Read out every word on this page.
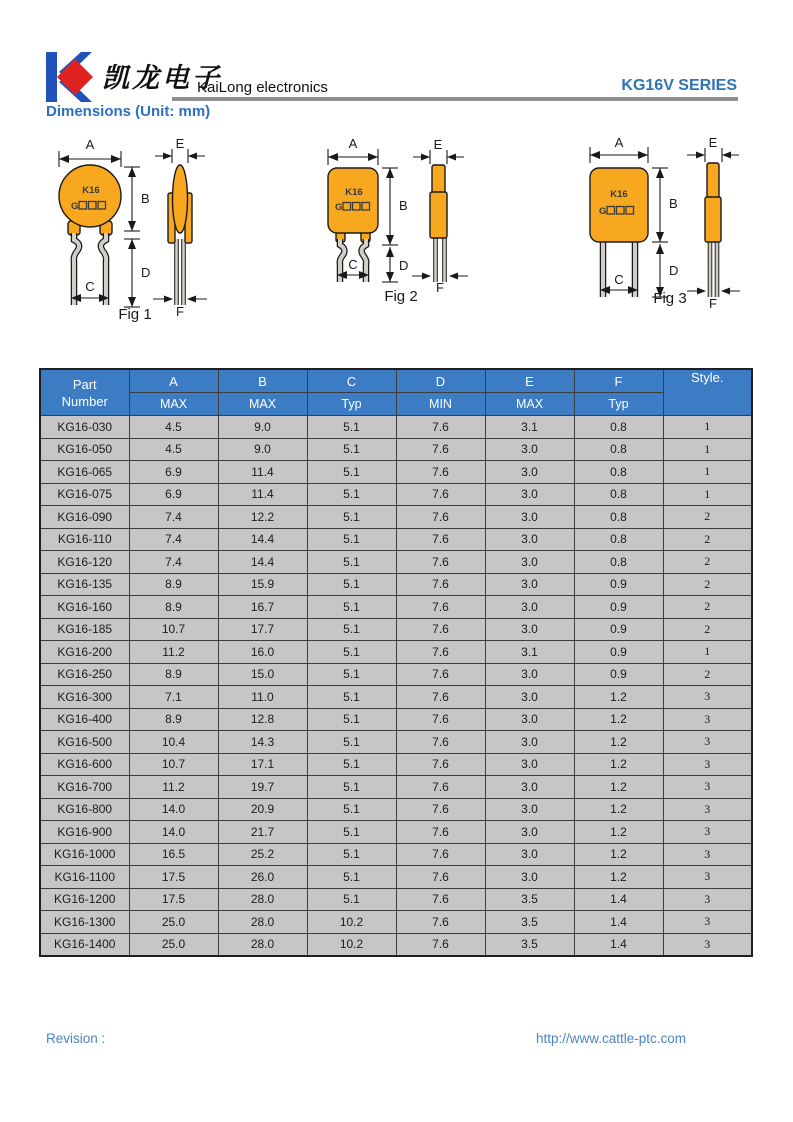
凯龙电子
KaiLong electronics	KG16V SERIES
Dimensions (Unit: mm)
A
K16
G
B
D
C
E
F
Fig 1
A
K16
G	B
D
C
E
F
Fig 2
A
K16
G
B
D
C
E
F
Fig 3
Part
Number	A	B	C	D	E	F	Style.
	MAX	MAX	Typ	MIN	MAX	Typ	
KG16-030	4.5	9.0	5.1	7.6	3.1	0.8	1
KG16-050	4.5	9.0	5.1	7.6	3.0	0.8	1
KG16-065	6.9	11.4	5.1	7.6	3.0	0.8	1
KG16-075	6.9	11.4	5.1	7.6	3.0	0.8	1
KG16-090	7.4	12.2	5.1	7.6	3.0	0.8	2
KG16-110	7.4	14.4	5.1	7.6	3.0	0.8	2
KG16-120	7.4	14.4	5.1	7.6	3.0	0.8	2
KG16-135	8.9	15.9	5.1	7.6	3.0	0.9	2
KG16-160	8.9	16.7	5.1	7.6	3.0	0.9	2
KG16-185	10.7	17.7	5.1	7.6	3.0	0.9	2
KG16-200	11.2	16.0	5.1	7.6	3.1	0.9	1
KG16-250	8.9	15.0	5.1	7.6	3.0	0.9	2
KG16-300	7.1	11.0	5.1	7.6	3.0	1.2	3
KG16-400	8.9	12.8	5.1	7.6	3.0	1.2	3
KG16-500	10.4	14.3	5.1	7.6	3.0	1.2	3
KG16-600	10.7	17.1	5.1	7.6	3.0	1.2	3
KG16-700	11.2	19.7	5.1	7.6	3.0	1.2	3
KG16-800	14.0	20.9	5.1	7.6	3.0	1.2	3
KG16-900	14.0	21.7	5.1	7.6	3.0	1.2	3
KG16-1000	16.5	25.2	5.1	7.6	3.0	1.2	3
KG16-1100	17.5	26.0	5.1	7.6	3.0	1.2	3
KG16-1200	17.5	28.0	5.1	7.6	3.5	1.4	3
KG16-1300	25.0	28.0	10.2	7.6	3.5	1.4	3
KG16-1400	25.0	28.0	10.2	7.6	3.5	1.4	3
Revision :	http://www.cattle-ptc.com
